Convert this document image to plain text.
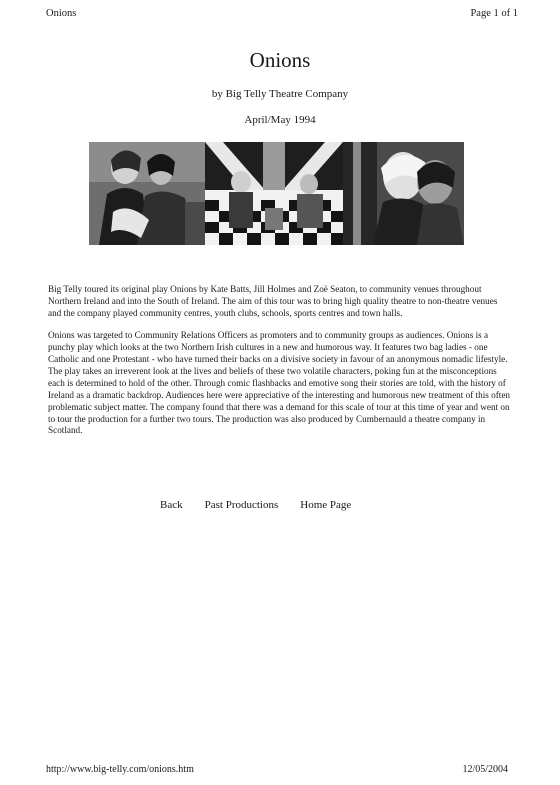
Onions	Page 1 of 1
Onions
by Big Telly Theatre Company
April/May 1994

Big Telly toured its original play Onions by Kate Batts, Jill Holmes and Zoë Seaton, to community venues throughout Northern Ireland and into the South of Ireland. The aim of this tour was to bring high quality theatre to non-theatre venues and the company played community centres, youth clubs, schools, sports centres and town halls.

Onions was targeted to Community Relations Officers as promoters and to community groups as audiences. Onions is a punchy play which looks at the two Northern Irish cultures in a new and humorous way. It features two bag ladies - one Catholic and one Protestant - who have turned their backs on a divisive society in favour of an anonymous nomadic lifestyle. The play takes an irreverent look at the lives and beliefs of these two volatile characters, poking fun at the misconceptions each is determined to hold of the other. Through comic flashbacks and emotive song their stories are told, with the history of Ireland as a dramatic backdrop. Audiences here were appreciative of the interesting and humorous new treatment of this often problematic subject matter. The company found that there was a demand for this scale of tour at this time of year and went on to tour the production for a further two tours. The production was also produced by Cumbernauld a theatre company in Scotland.

Back Past Productions Home Page
http://www.big-telly.com/onions.htm	12/05/2004
